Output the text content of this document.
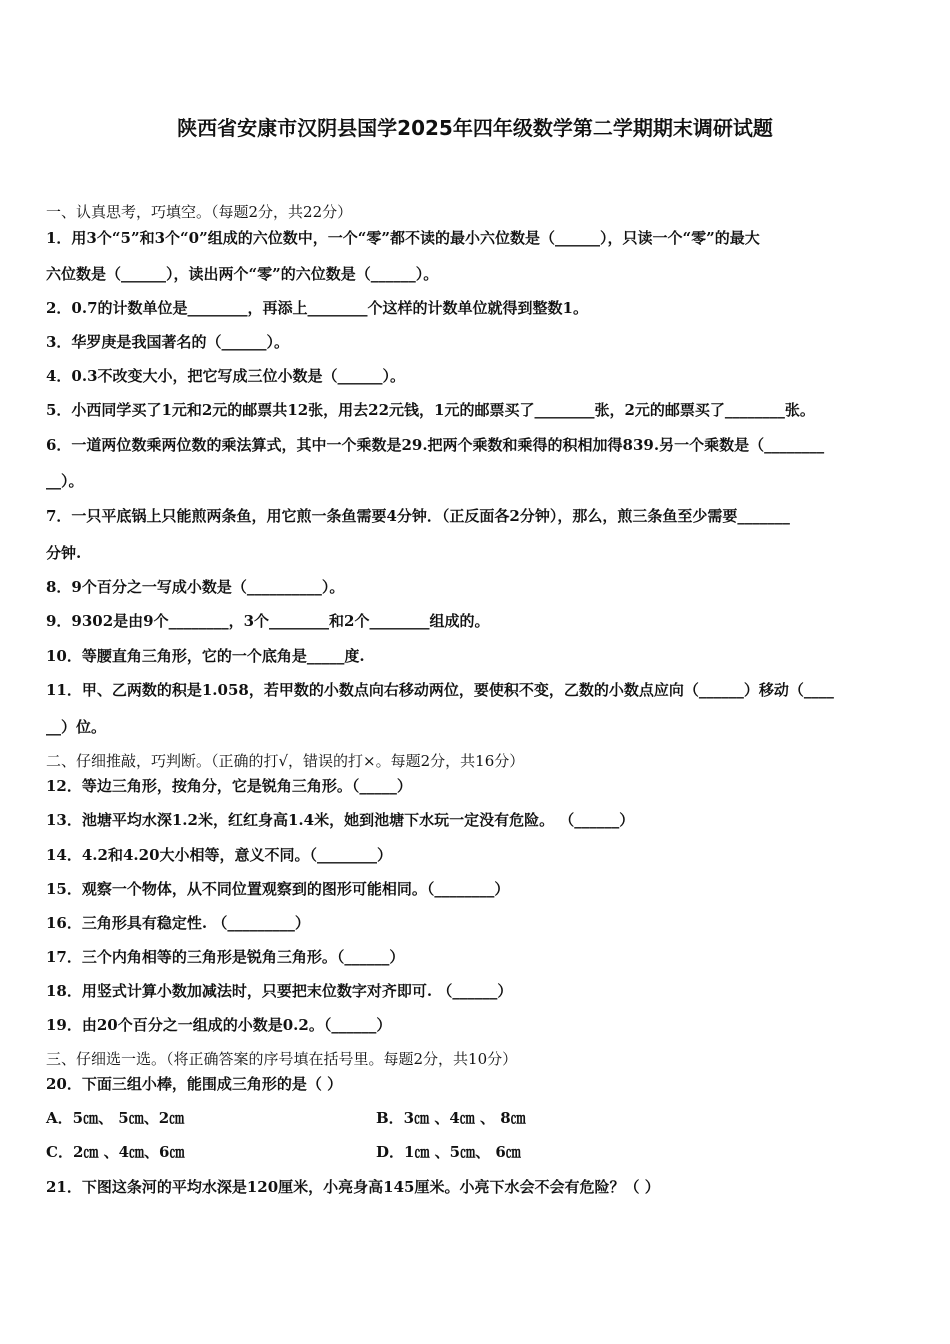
陕西省安康市汉阴县国学2025年四年级数学第二学期期末调研试题
一、认真思考，巧填空。（每题2分，共22分）
1．用3个“5”和3个“0”组成的六位数中，一个“零”都不读的最小六位数是（______），只读一个“零”的最大
六位数是（______），读出两个“零”的六位数是（______）。
2．0.7的计数单位是________，再添上________个这样的计数单位就得到整数1。
3．华罗庚是我国著名的（______）。
4．0.3不改变大小，把它写成三位小数是（______）。
5．小西同学买了1元和2元的邮票共12张，用去22元钱，1元的邮票买了________张，2元的邮票买了________张。
6．一道两位数乘两位数的乘法算式，其中一个乘数是29.把两个乘数和乘得的积相加得839.另一个乘数是（________
__）。
7．一只平底锅上只能煎两条鱼，用它煎一条鱼需要4分钟．（正反面各2分钟），那么，煎三条鱼至少需要_______
分钟.
8．9个百分之一写成小数是（__________）。
9．9302是由9个________，3个________和2个________组成的。
10．等腰直角三角形，它的一个底角是_____度.
11．甲、乙两数的积是1.058，若甲数的小数点向右移动两位，要使积不变，乙数的小数点应向（______）移动（____
__）位。
二、仔细推敲，巧判断。（正确的打√，错误的打×。每题2分，共16分）
12．等边三角形，按角分，它是锐角三角形。（_____）
13．池塘平均水深1.2米，红红身高1.4米，她到池塘下水玩一定没有危险。 （______）
14．4.2和4.20大小相等，意义不同。（________）
15．观察一个物体，从不同位置观察到的图形可能相同。（________）
16．三角形具有稳定性. （_________）
17．三个内角相等的三角形是锐角三角形。（______）
18．用竖式计算小数加减法时，只要把末位数字对齐即可. （______）
19．由20个百分之一组成的小数是0.2。（______）
三、仔细选一选。（将正确答案的序号填在括号里。每题2分，共10分）
20．下面三组小棒，能围成三角形的是（ ）
A．5㎝、 5㎝、2㎝	B．3㎝ 、4㎝ 、 8㎝
C．2㎝ 、4㎝、6㎝	D．1㎝ 、5㎝、 6㎝
21．下图这条河的平均水深是120厘米，小亮身高145厘米。小亮下水会不会有危险？（ ）
